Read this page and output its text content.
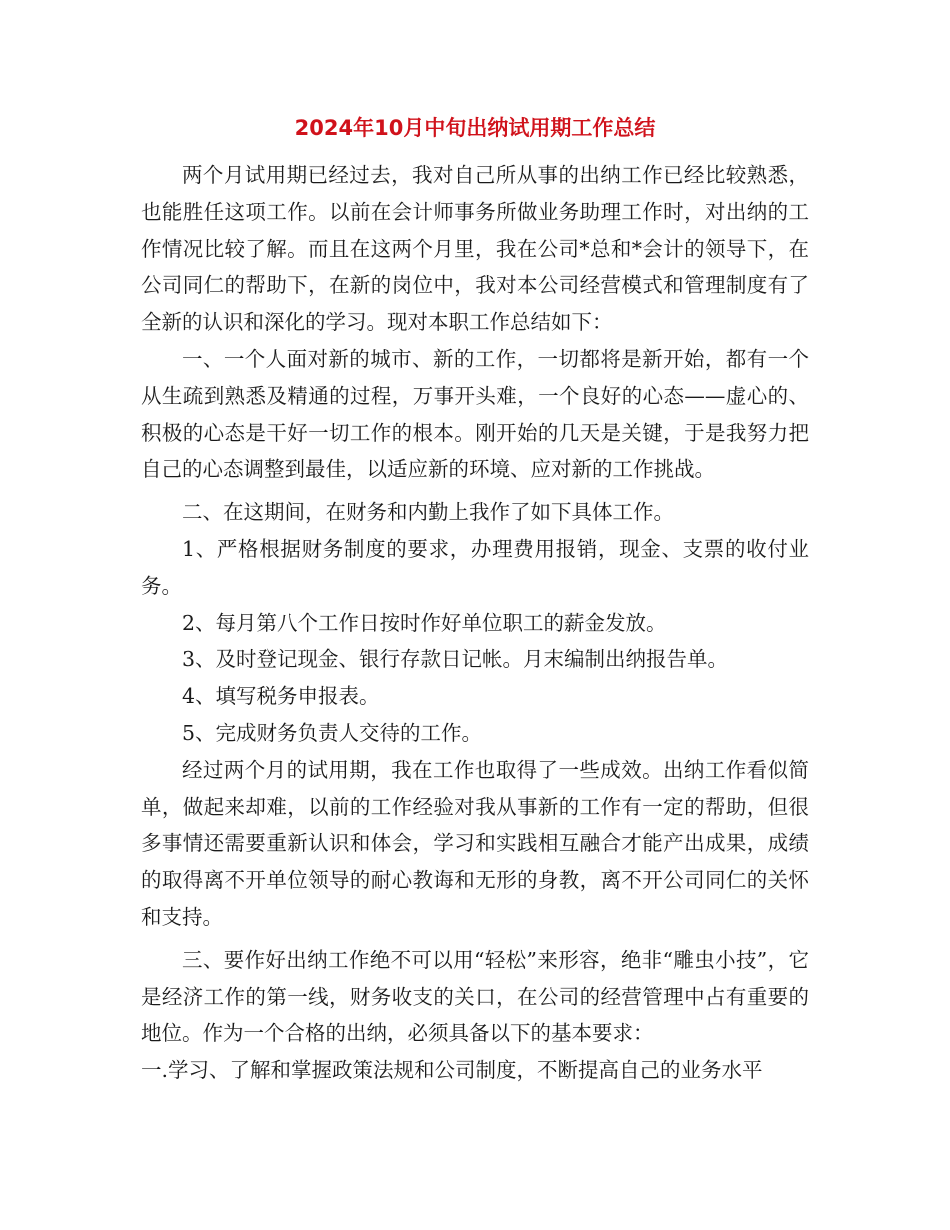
2024年10月中旬出纳试用期工作总结

两个月试用期已经过去，我对自己所从事的出纳工作已经比较熟悉，也能胜任这项工作。以前在会计师事务所做业务助理工作时，对出纳的工作情况比较了解。而且在这两个月里，我在公司*总和*会计的领导下，在公司同仁的帮助下，在新的岗位中，我对本公司经营模式和管理制度有了全新的认识和深化的学习。现对本职工作总结如下：

一、一个人面对新的城市、新的工作，一切都将是新开始，都有一个从生疏到熟悉及精通的过程，万事开头难，一个良好的心态——虚心的、积极的心态是干好一切工作的根本。刚开始的几天是关键，于是我努力把自己的心态调整到最佳，以适应新的环境、应对新的工作挑战。

二、在这期间，在财务和内勤上我作了如下具体工作。

1、严格根据财务制度的要求，办理费用报销，现金、支票的收付业务。

2、每月第八个工作日按时作好单位职工的薪金发放。

3、及时登记现金、银行存款日记帐。月末编制出纳报告单。

4、填写税务申报表。

5、完成财务负责人交待的工作。

经过两个月的试用期，我在工作也取得了一些成效。出纳工作看似简单，做起来却难，以前的工作经验对我从事新的工作有一定的帮助，但很多事情还需要重新认识和体会，学习和实践相互融合才能产出成果，成绩的取得离不开单位领导的耐心教诲和无形的身教，离不开公司同仁的关怀和支持。

三、要作好出纳工作绝不可以用“轻松”来形容，绝非“雕虫小技”，它是经济工作的第一线，财务收支的关口，在公司的经营管理中占有重要的地位。作为一个合格的出纳，必须具备以下的基本要求：

一.学习、了解和掌握政策法规和公司制度，不断提高自己的业务水平
